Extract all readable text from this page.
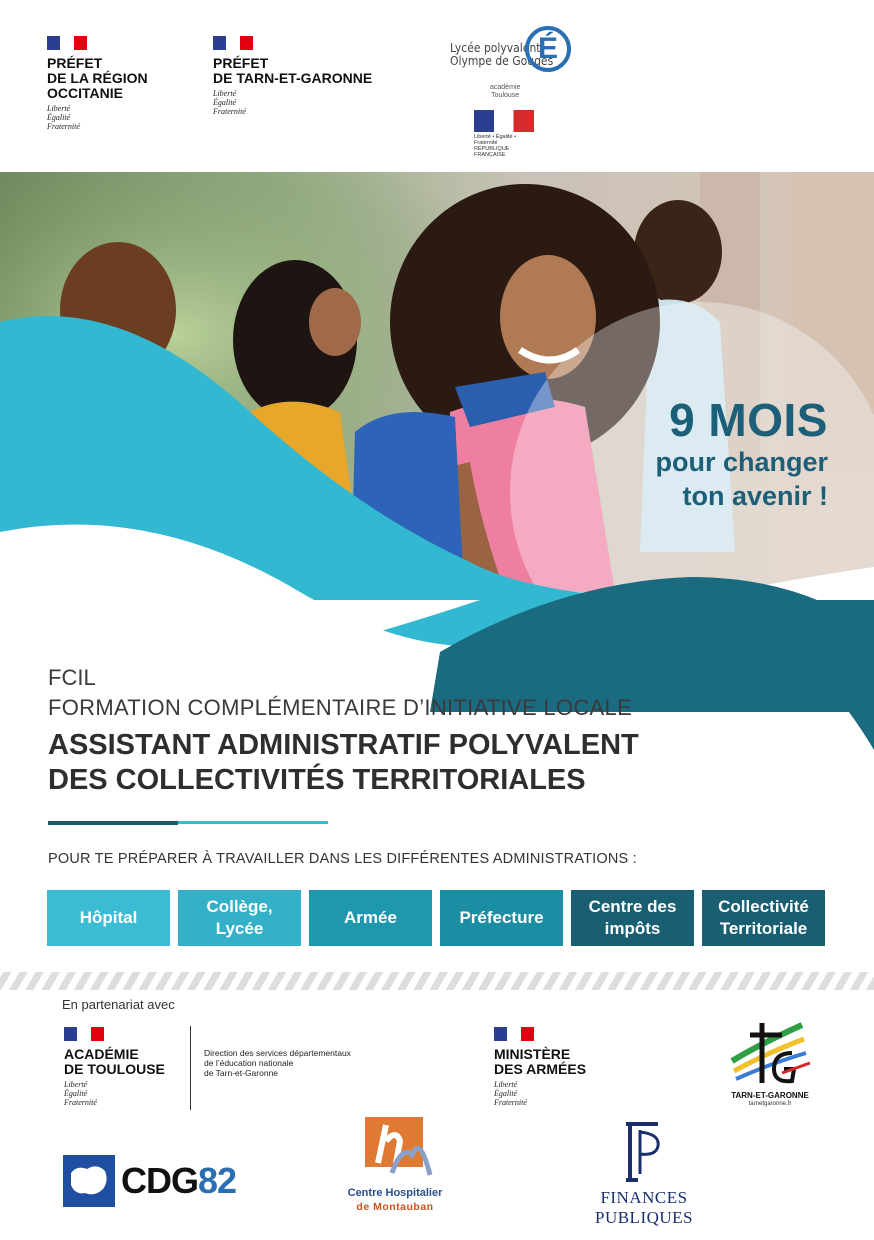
PRÉFET
DE LA RÉGION
OCCITANIE
Liberté
Égalité
Fraternité
PRÉFET
DE TARN-ET-GARONNE
Liberté
Égalité
Fraternité
Lycée polyvalent
Olympe de Gouges
É
académie
Toulouse
Liberté • Égalité • Fraternité
RÉPUBLIQUE FRANÇAISE
9 MOIS
pour changer
ton avenir !
FCIL
FORMATION COMPLÉMENTAIRE D’INITIATIVE LOCALE
ASSISTANT ADMINISTRATIF POLYVALENT
DES COLLECTIVITÉS TERRITORIALES
POUR TE PRÉPARER À TRAVAILLER DANS LES DIFFÉRENTES ADMINISTRATIONS :
Hôpital
Collège,
Lycée
Armée	Préfecture
Centre des
impôts
Collectivité
Territoriale
En partenariat avec
ACADÉMIE
DE TOULOUSE
Liberté
Égalité
Fraternité
Direction des services départementaux
de l’éducation nationale
de Tarn-et-Garonne
MINISTÈRE
DES ARMÉES
Liberté
Égalité
Fraternité
TARN-ET-GARONNE
tarnetgaronne.fr
CDG82	Centre Hospitalier
de Montauban	FINANCES PUBLIQUES
